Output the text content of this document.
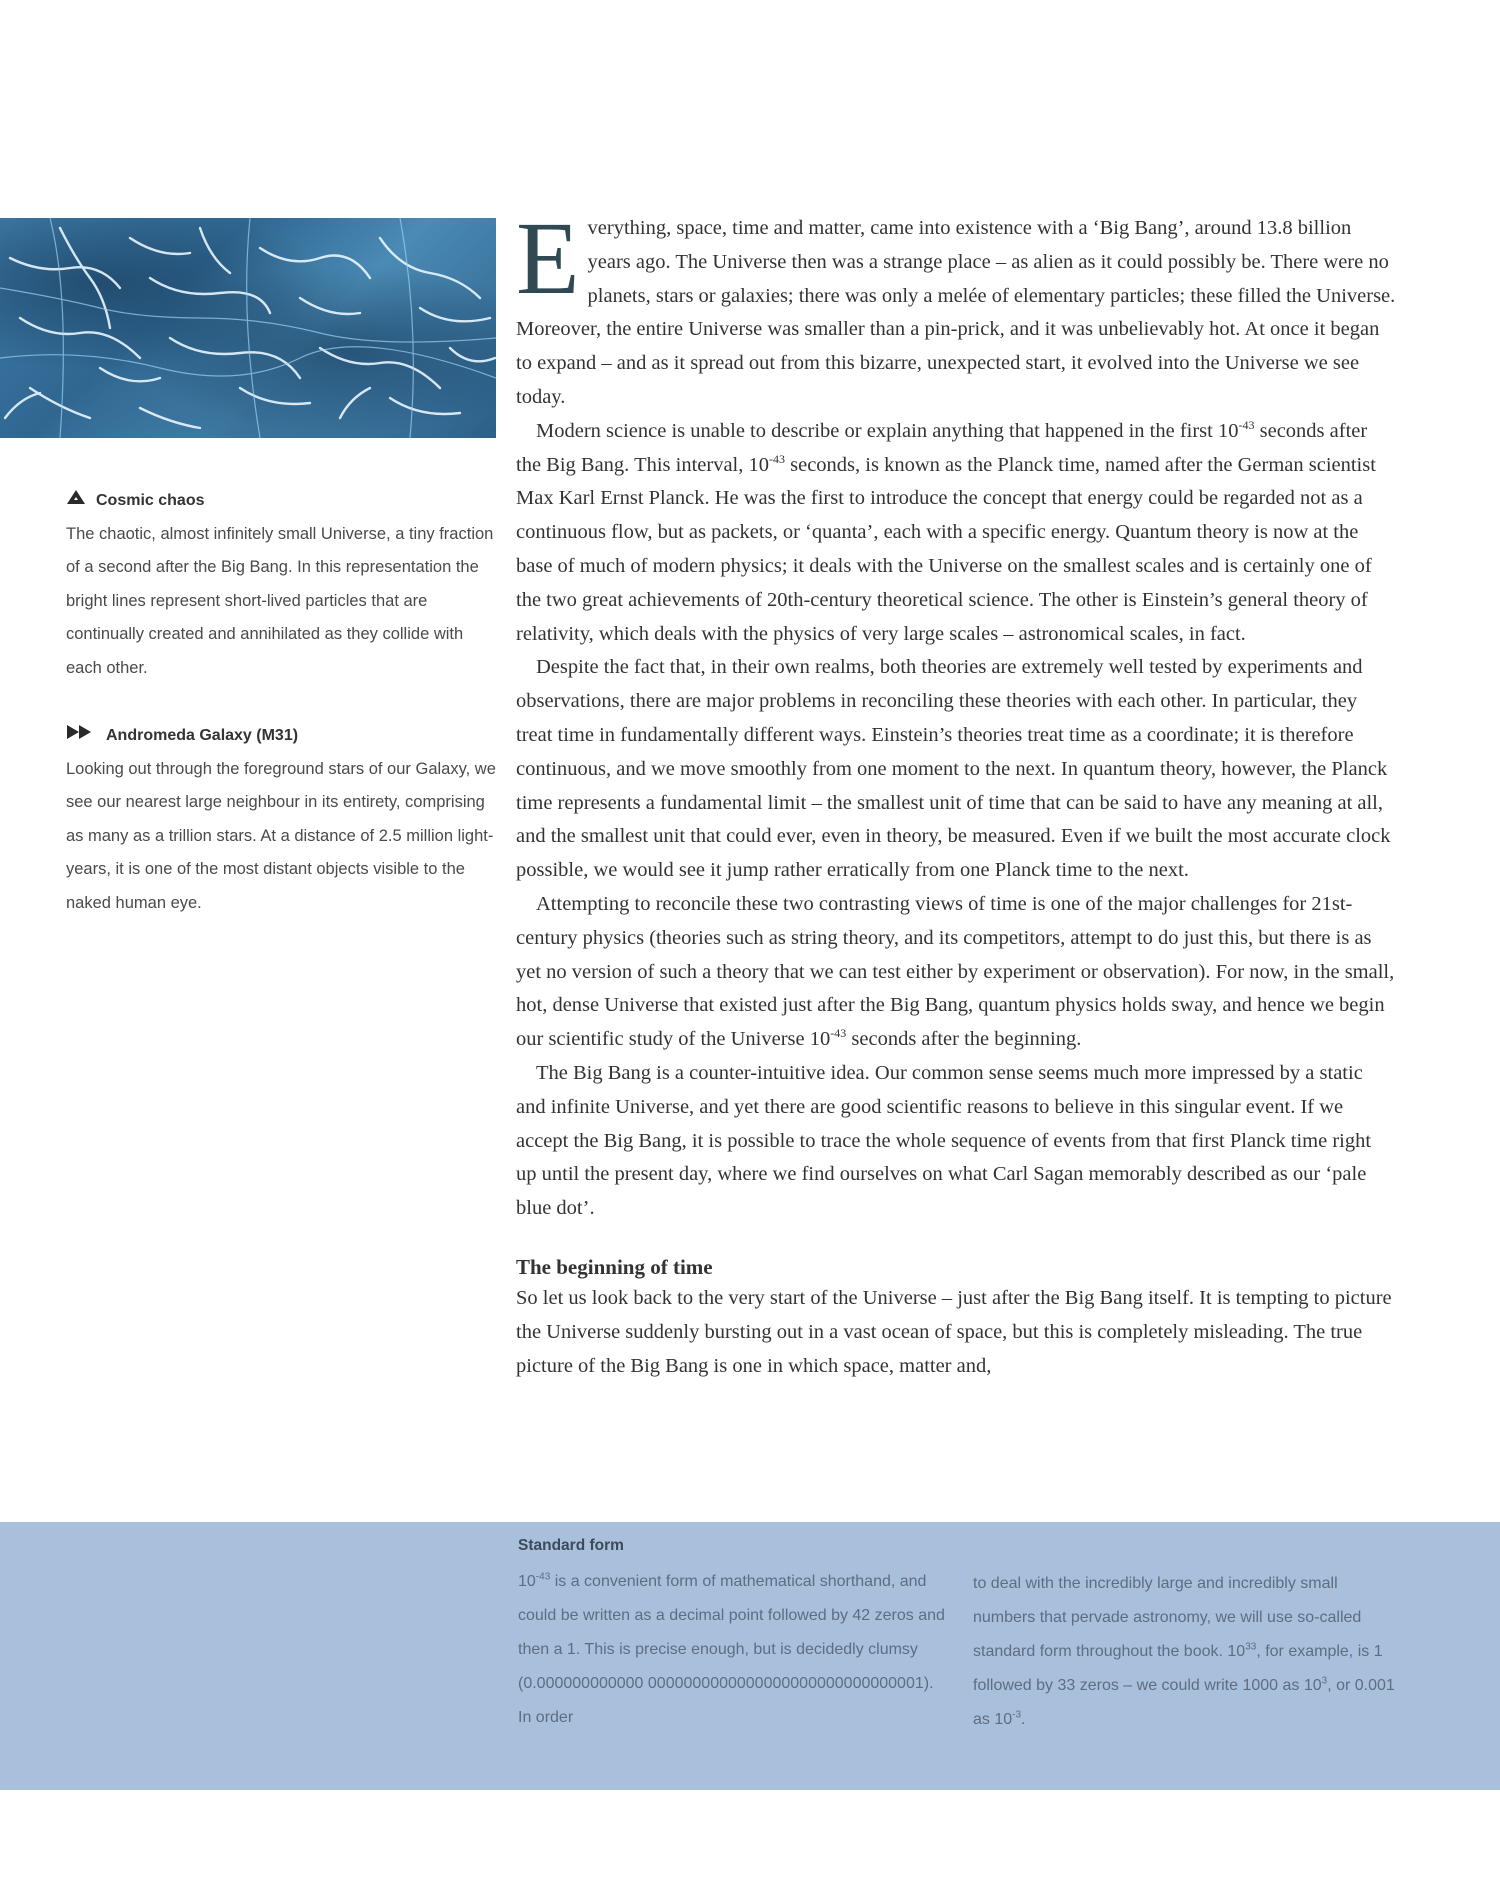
Cosmic chaos
The chaotic, almost infinitely small Universe, a tiny fraction of a second after the Big Bang. In this representation the bright lines represent short-lived particles that are continually created and annihilated as they collide with each other.
Andromeda Galaxy (M31)
Looking out through the foreground stars of our Galaxy, we see our nearest large neighbour in its entirety, comprising as many as a trillion stars. At a distance of 2.5 million light-years, it is one of the most distant objects visible to the naked human eye.

Everything, space, time and matter, came into existence with a ‘Big Bang’, around 13.8 billion years ago. The Universe then was a strange place – as alien as it could possibly be. There were no planets, stars or galaxies; there was only a melée of elementary particles; these filled the Universe. Moreover, the entire Universe was smaller than a pin-prick, and it was unbelievably hot. At once it began to expand – and as it spread out from this bizarre, unexpected start, it evolved into the Universe we see today.

Modern science is unable to describe or explain anything that happened in the first $10^{-43}$ seconds after the Big Bang. This interval, $10^{-43}$ seconds, is known as the Planck time, named after the German scientist Max Karl Ernst Planck. He was the first to introduce the concept that energy could be regarded not as a continuous flow, but as packets, or ‘quanta’, each with a specific energy. Quantum theory is now at the base of much of modern physics; it deals with the Universe on the smallest scales and is certainly one of the two great achievements of 20th-century theoretical science. The other is Einstein’s general theory of relativity, which deals with the physics of very large scales – astronomical scales, in fact.

Despite the fact that, in their own realms, both theories are extremely well tested by experiments and observations, there are major problems in reconciling these theories with each other. In particular, they treat time in fundamentally different ways. Einstein’s theories treat time as a coordinate; it is therefore continuous, and we move smoothly from one moment to the next. In quantum theory, however, the Planck time represents a fundamental limit – the smallest unit of time that can be said to have any meaning at all, and the smallest unit that could ever, even in theory, be measured. Even if we built the most accurate clock possible, we would see it jump rather erratically from one Planck time to the next.

Attempting to reconcile these two contrasting views of time is one of the major challenges for 21st-century physics (theories such as string theory, and its competitors, attempt to do just this, but there is as yet no version of such a theory that we can test either by experiment or observation). For now, in the small, hot, dense Universe that existed just after the Big Bang, quantum physics holds sway, and hence we begin our scientific study of the Universe $10^{-43}$ seconds after the beginning.

The Big Bang is a counter-intuitive idea. Our common sense seems much more impressed by a static and infinite Universe, and yet there are good scientific reasons to believe in this singular event. If we accept the Big Bang, it is possible to trace the whole sequence of events from that first Planck time right up until the present day, where we find ourselves on what Carl Sagan memorably described as our ‘pale blue dot’.

The beginning of time

So let us look back to the very start of the Universe – just after the Big Bang itself. It is tempting to picture the Universe suddenly bursting out in a vast ocean of space, but this is completely misleading. The true picture of the Big Bang is one in which space, matter and,

Standard form
$10^{-43}$ is a convenient form of mathematical shorthand, and could be written as a decimal point followed by 42 zeros and then a 1. This is precise enough, but is decidedly clumsy (0.000000000000 0000000000000000000000000000001). In order
to deal with the incredibly large and incredibly small numbers that pervade astronomy, we will use so-called standard form throughout the book. $10^{33}$, for example, is 1 followed by 33 zeros – we could write 1000 as $10^3$, or 0.001 as $10^{-3}$.
